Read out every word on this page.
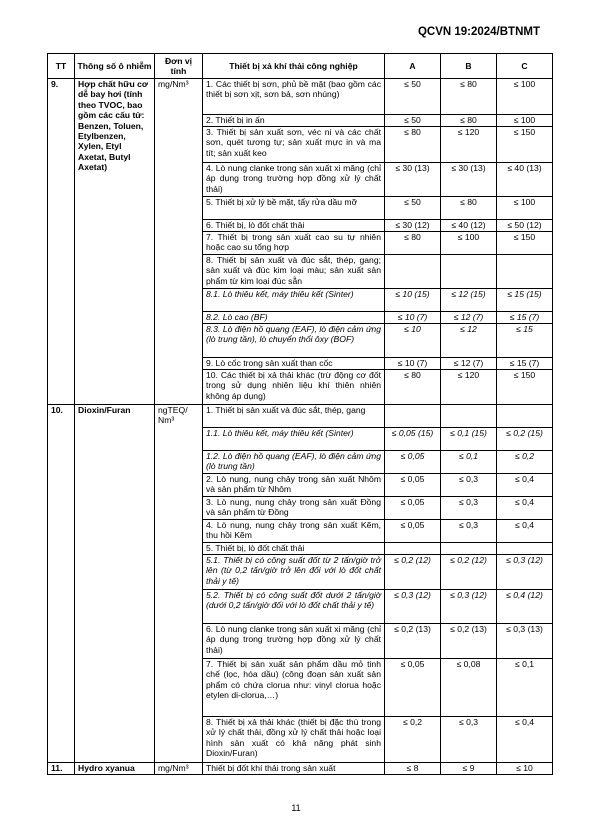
QCVN 19:2024/BTNMT
TT	Thông số ô nhiễm	Đơn vị tính	Thiết bị xả khí thải công nghiệp	A	B	C
9.	Hợp chất hữu cơ dễ bay hơi (tính theo TVOC, bao gồm các cấu tử: Benzen, Toluen, Etylbenzen, Xylen, Etyl Axetat, Butyl Axetat)	mg/Nm³	1. Các thiết bị sơn, phủ bề mặt (bao gồm các thiết bị sơn xịt, sơn bả, sơn nhúng)	≤ 50	≤ 80	≤ 100
			2. Thiết bị in ấn	≤ 50	≤ 80	≤ 100
			3. Thiết bị sản xuất sơn, véc ni và các chất sơn, quét tương tự; sản xuất mực in và ma tít; sản xuất keo	≤ 80	≤ 120	≤ 150
			4. Lò nung clanke trong sản xuất xi măng (chỉ áp dụng trong trường hợp đồng xử lý chất thải)	≤ 30 (13)	≤ 30 (13)	≤ 40 (13)
			5. Thiết bị xử lý bề mặt, tẩy rửa dầu mỡ	≤ 50	≤ 80	≤ 100
			6. Thiết bị, lò đốt chất thải	≤ 30 (12)	≤ 40 (12)	≤ 50 (12)
			7. Thiết bị trong sản xuất cao su tự nhiên hoặc cao su tổng hợp	≤ 80	≤ 100	≤ 150
			8. Thiết bị sản xuất và đúc sắt, thép, gang; sản xuất và đúc kim loại màu; sản xuất sản phẩm từ kim loại đúc sẵn			
			8.1. Lò thiêu kết, máy thiêu kết (Sinter)	≤ 10 (15)	≤ 12 (15)	≤ 15 (15)
			8.2. Lò cao (BF)	≤ 10 (7)	≤ 12 (7)	≤ 15 (7)
			8.3. Lò điện hồ quang (EAF), lò điện cảm ứng (lò trung tần), lò chuyển thổi ôxy (BOF)	≤ 10	≤ 12	≤ 15
			9. Lò cốc trong sản xuất than cốc	≤ 10 (7)	≤ 12 (7)	≤ 15 (7)
			10. Các thiết bị xả thải khác (trừ động cơ đốt trong sử dụng nhiên liệu khí thiên nhiên không áp dụng)	≤ 80	≤ 120	≤ 150
10.	Dioxin/Furan	ngTEQ/ Nm³	1. Thiết bị sản xuất và đúc sắt, thép, gang			
			1.1. Lò thiêu kết, máy thiêu kết (Sinter)	≤ 0,05 (15)	≤ 0,1 (15)	≤ 0,2 (15)
			1.2. Lò điện hồ quang (EAF), lò điện cảm ứng (lò trung tần)	≤ 0,05	≤ 0,1	≤ 0,2
			2. Lò nung, nung chảy trong sản xuất Nhôm và sản phẩm từ Nhôm	≤ 0,05	≤ 0,3	≤ 0,4
			3. Lò nung, nung chảy trong sản xuất Đồng và sản phẩm từ Đồng	≤ 0,05	≤ 0,3	≤ 0,4
			4. Lò nung, nung chảy trong sản xuất Kẽm, thu hồi Kẽm	≤ 0,05	≤ 0,3	≤ 0,4
			5. Thiết bị, lò đốt chất thải			
			5.1. Thiết bị có công suất đốt từ 2 tấn/giờ trở lên (từ 0,2 tấn/giờ trở lên đối với lò đốt chất thải y tế)	≤ 0,2 (12)	≤ 0,2 (12)	≤ 0,3 (12)
			5.2. Thiết bị có công suất đốt dưới 2 tấn/giờ (dưới 0,2 tấn/giờ đối với lò đốt chất thải y tế)	≤ 0,3 (12)	≤ 0,3 (12)	≤ 0,4 (12)
			6. Lò nung clanke trong sản xuất xi măng (chỉ áp dụng trong trường hợp đồng xử lý chất thải)	≤ 0,2 (13)	≤ 0,2 (13)	≤ 0,3 (13)
			7. Thiết bị sản xuất sản phẩm dầu mỏ tinh chế (lọc, hóa dầu) (công đoạn sản xuất sản phẩm có chứa clorua như: vinyl clorua hoặc etylen di-clorua,…)	≤ 0,05	≤ 0,08	≤ 0,1
			8. Thiết bị xả thải khác (thiết bị đặc thù trong xử lý chất thải, đồng xử lý chất thải hoặc loại hình sản xuất có khả năng phát sinh Dioxin/Furan)	≤ 0,2	≤ 0,3	≤ 0,4
11.	Hydro xyanua	mg/Nm³	Thiết bị đốt khí thải trong sản xuất	≤ 8	≤ 9	≤ 10
11
